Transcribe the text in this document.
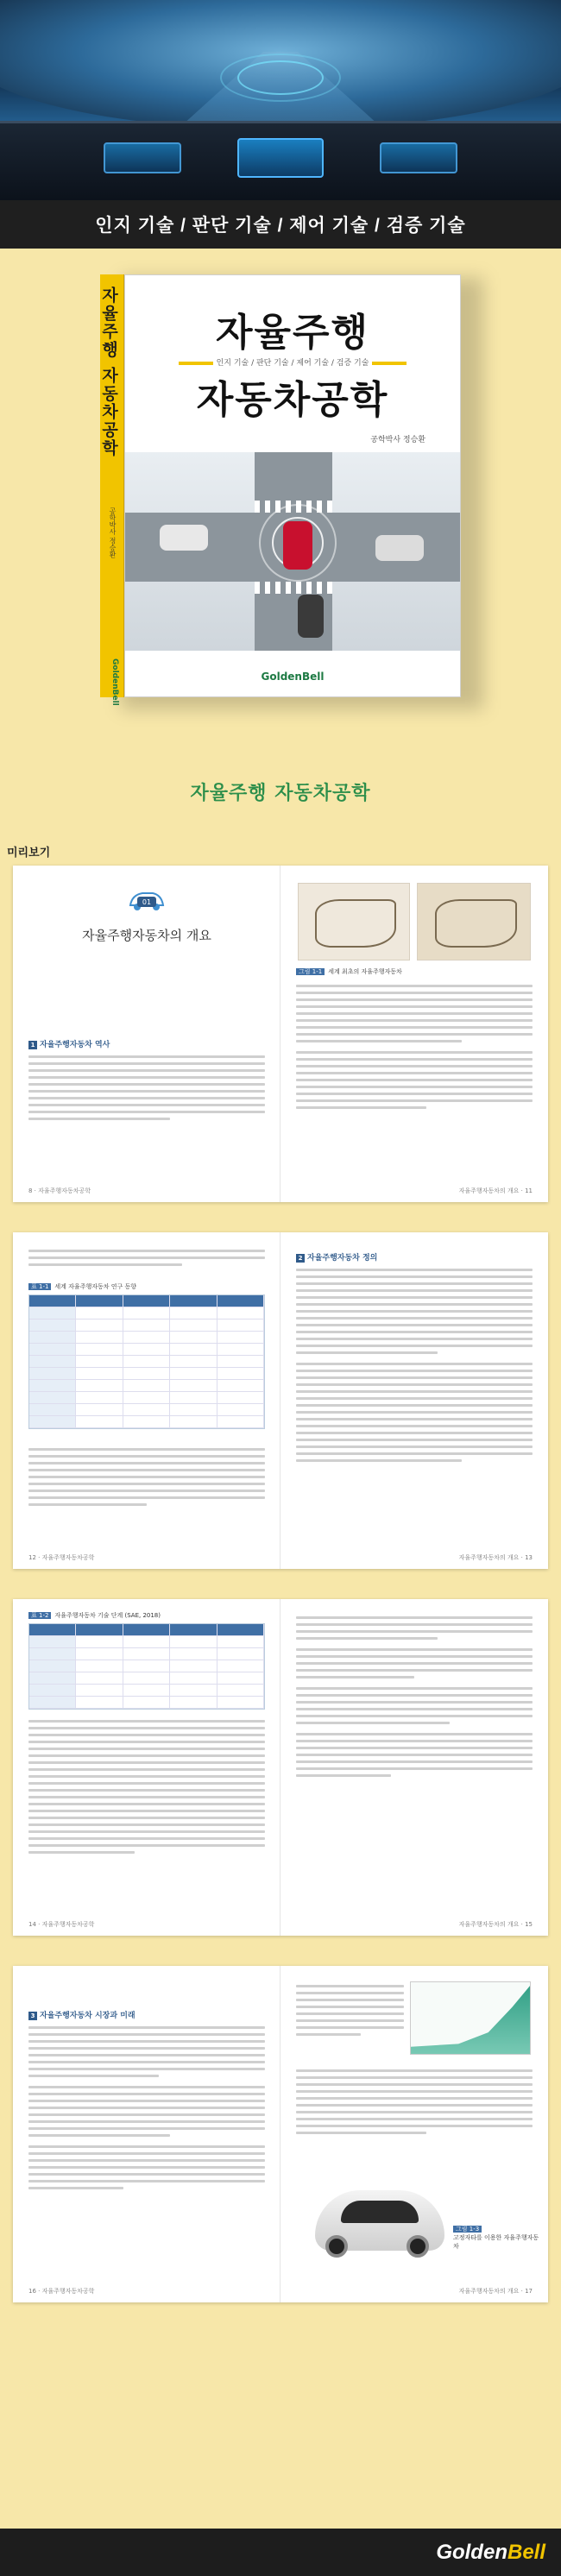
인지 기술 / 판단 기술 / 제어 기술 / 검증 기술
자율주행 자동차공학
공학박사 정승환
GoldenBell
자율주행
인지 기술 / 판단 기술 / 제어 기술 / 검증 기술
자동차공학
공학박사 정승환
GoldenBell
자율주행 자동차공학
미리보기
01
자율주행자동차의 개요
1 자율주행자동차 역사
8 · 자율주행자동차공학
그림 1-1 세계 최초의 자율주행자동차
자율주행자동차의 개요 · 11
표 1-1 세계 자율주행자동차 연구 동향
12 · 자율주행자동차공학
2 자율주행자동차 정의
자율주행자동차의 개요 · 13
표 1-2 자율주행자동차 기술 단계 (SAE, 2018)
14 · 자율주행자동차공학	자율주행자동차의 개요 · 15
3 자율주행자동차 시장과 미래
16 · 자율주행자동차공학
그림 1-3
고정자타를 이용한 자율주행자동차
자율주행자동차의 개요 · 17
GoldenBell
